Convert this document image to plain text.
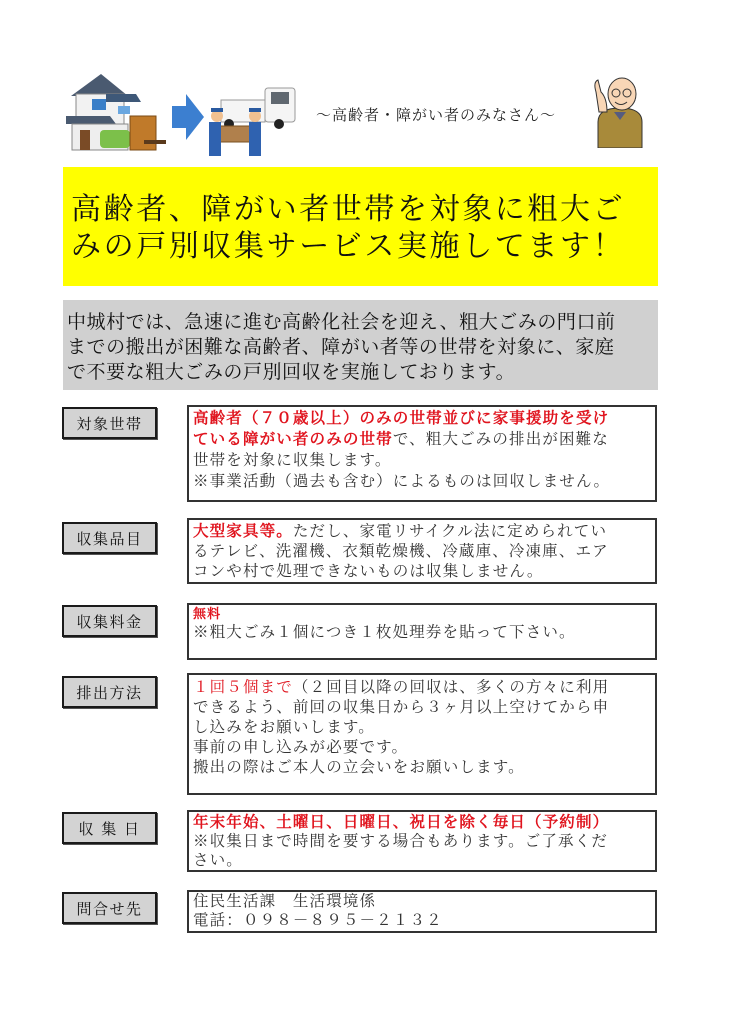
～高齢者・障がい者のみなさん～
高齢者、障がい者世帯を対象に粗大ご
みの戸別収集サービス実施してます！
中城村では、急速に進む高齢化社会を迎え、粗大ごみの門口前
までの搬出が困難な高齢者、障がい者等の世帯を対象に、家庭
で不要な粗大ごみの戸別回収を実施しております。
対象世帯	高齢者（７０歳以上）のみの世帯並びに家事援助を受け
ている障がい者のみの世帯で、粗大ごみの排出が困難な
世帯を対象に収集します。
※事業活動（過去も含む）によるものは回収しません。
収集品目	大型家具等。ただし、家電リサイクル法に定められてい
るテレビ、洗濯機、衣類乾燥機、冷蔵庫、冷凍庫、エア
コンや村で処理できないものは収集しません。
収集料金	無料
※粗大ごみ１個につき１枚処理券を貼って下さい。
排出方法	１回５個まで（２回目以降の回収は、多くの方々に利用
できるよう、前回の収集日から３ヶ月以上空けてから申
し込みをお願いします。
事前の申し込みが必要です。
搬出の際はご本人の立会いをお願いします。
収 集 日	年末年始、土曜日、日曜日、祝日を除く毎日（予約制）
※収集日まで時間を要する場合もあります。ご了承くだ
さい。
問合せ先	住民生活課　生活環境係
電話：０９８－８９５－２１３２
